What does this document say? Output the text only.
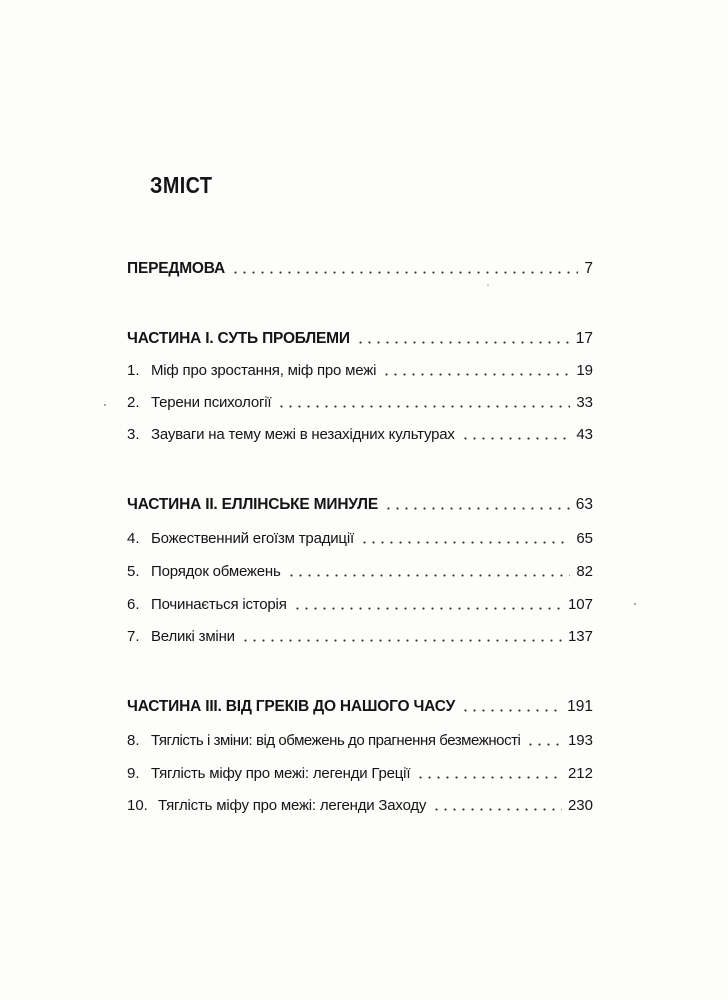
ЗМІСТ
ПЕРЕДМОВА	7
ЧАСТИНА І. СУТЬ ПРОБЛЕМИ	17
1. Міф про зростання, міф про межі	19
2. Терени психології	33
3. Зауваги на тему межі в незахідних культурах	43
ЧАСТИНА ІІ. ЕЛЛІНСЬКЕ МИНУЛЕ	63
4. Божественний егоїзм традиції	65
5. Порядок обмежень	82
6. Починається історія	107
7. Великі зміни	137
ЧАСТИНА ІІІ. ВІД ГРЕКІВ ДО НАШОГО ЧАСУ	191
8. Тяглість і зміни: від обмежень до прагнення безмежності	193
9. Тяглість міфу про межі: легенди Греції	212
10. Тяглість міфу про межі: легенди Заходу	230
